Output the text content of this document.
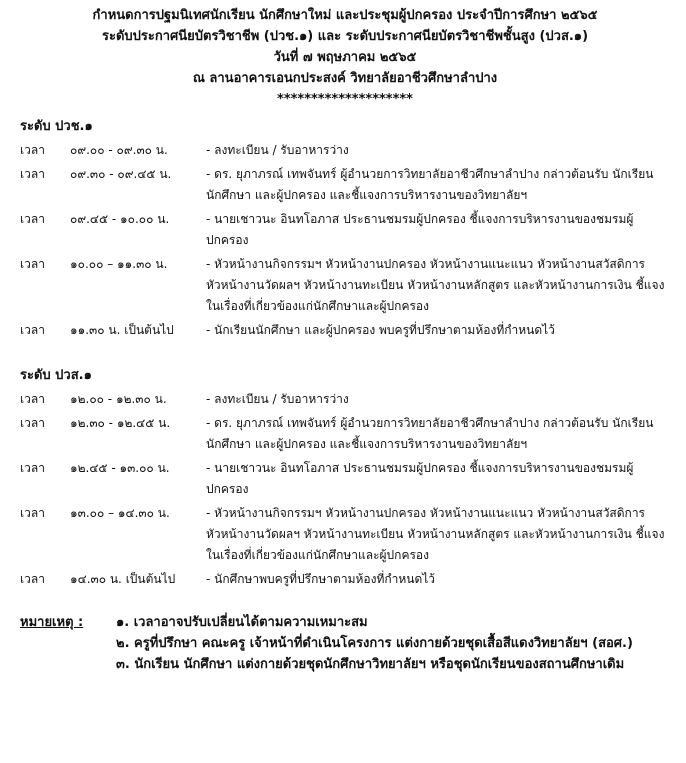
กำหนดการปฐมนิเทศนักเรียน นักศึกษาใหม่ และประชุมผู้ปกครอง ประจำปีการศึกษา ๒๕๖๕
ระดับประกาศนียบัตรวิชาชีพ (ปวช.๑) และ ระดับประกาศนียบัตรวิชาชีพชั้นสูง (ปวส.๑)
วันที่ ๗ พฤษภาคม ๒๕๖๕
ณ ลานอาคารเอนกประสงค์ วิทยาลัยอาชีวศึกษาลำปาง
********************
ระดับ ปวช.๑
เวลา	๐๙.๐๐ - ๐๙.๓๐ น.	- ลงทะเบียน / รับอาหารว่าง
เวลา	๐๙.๓๐ - ๐๙.๔๕ น.	- ดร. ยุภาภรณ์ เทพจันทร์ ผู้อำนวยการวิทยาลัยอาชีวศึกษาลำปาง กล่าวต้อนรับ นักเรียน นักศึกษา และผู้ปกครอง และชี้แจงการบริหารงานของวิทยาลัยฯ
เวลา	๐๙.๔๕ - ๑๐.๐๐ น.	- นายเชาวนะ อินทโอภาส ประธานชมรมผู้ปกครอง ชี้แจงการบริหารงานของชมรมผู้ปกครอง
เวลา	๑๐.๐๐ – ๑๑.๓๐ น.	- หัวหน้างานกิจกรรมฯ หัวหน้างานปกครอง หัวหน้างานแนะแนว หัวหน้างานสวัสดิการ หัวหน้างานวัดผลฯ หัวหน้างานทะเบียน หัวหน้างานหลักสูตร และหัวหน้างานการเงิน ชี้แจงในเรื่องที่เกี่ยวข้องแก่นักศึกษาและผู้ปกครอง
เวลา	๑๑.๓๐ น. เป็นต้นไป	- นักเรียนนักศึกษา และผู้ปกครอง พบครูที่ปรึกษาตามห้องที่กำหนดไว้
ระดับ ปวส.๑
เวลา	๑๒.๐๐ - ๑๒.๓๐ น.	- ลงทะเบียน / รับอาหารว่าง
เวลา	๑๒.๓๐ - ๑๒.๔๕ น.	- ดร. ยุภาภรณ์ เทพจันทร์ ผู้อำนวยการวิทยาลัยอาชีวศึกษาลำปาง กล่าวต้อนรับ นักเรียน นักศึกษา และผู้ปกครอง และชี้แจงการบริหารงานของวิทยาลัยฯ
เวลา	๑๒.๔๕ - ๑๓.๐๐ น.	- นายเชาวนะ อินทโอภาส ประธานชมรมผู้ปกครอง ชี้แจงการบริหารงานของชมรมผู้ปกครอง
เวลา	๑๓.๐๐ – ๑๔.๓๐ น.	- หัวหน้างานกิจกรรมฯ หัวหน้างานปกครอง หัวหน้างานแนะแนว หัวหน้างานสวัสดิการ หัวหน้างานวัดผลฯ หัวหน้างานทะเบียน หัวหน้างานหลักสูตร และหัวหน้างานการเงิน ชี้แจงในเรื่องที่เกี่ยวข้องแก่นักศึกษาและผู้ปกครอง
เวลา	๑๔.๓๐ น. เป็นต้นไป	- นักศึกษาพบครูที่ปรึกษาตามห้องที่กำหนดไว้
หมายเหตุ :	๑. เวลาอาจปรับเปลี่ยนได้ตามความเหมาะสม
๒. ครูที่ปรึกษา คณะครู เจ้าหน้าที่ดำเนินโครงการ แต่งกายด้วยชุดเสื้อสีแดงวิทยาลัยฯ (สอศ.)
๓. นักเรียน นักศึกษา แต่งกายด้วยชุดนักศึกษาวิทยาลัยฯ หรือชุดนักเรียนของสถานศึกษาเดิม
